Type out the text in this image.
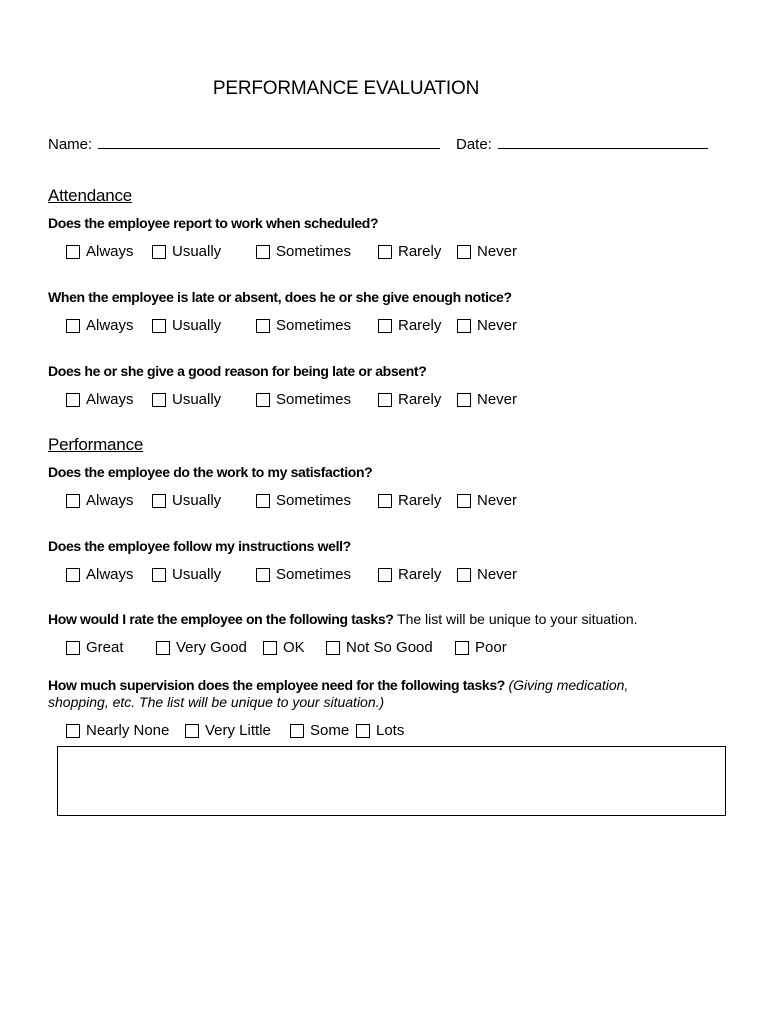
PERFORMANCE EVALUATION
Name:	Date:
Attendance
Does the employee report to work when scheduled?
Always	Usually	Sometimes	Rarely Never
When the employee is late or absent, does he or she give enough notice?
Always	Usually	Sometimes	Rarely Never
Does he or she give a good reason for being late or absent?
Always	Usually	Sometimes	Rarely Never
Performance
Does the employee do the work to my satisfaction?
Always	Usually	Sometimes	Rarely Never
Does the employee follow my instructions well?
Always	Usually	Sometimes	Rarely Never
How would I rate the employee on the following tasks? The list will be unique to your situation.
Great	Very Good OK	Not So Good	Poor
How much supervision does the employee need for the following tasks? (Giving medication,
shopping, etc. The list will be unique to your situation.)
Nearly None Very Little	Some Lots
